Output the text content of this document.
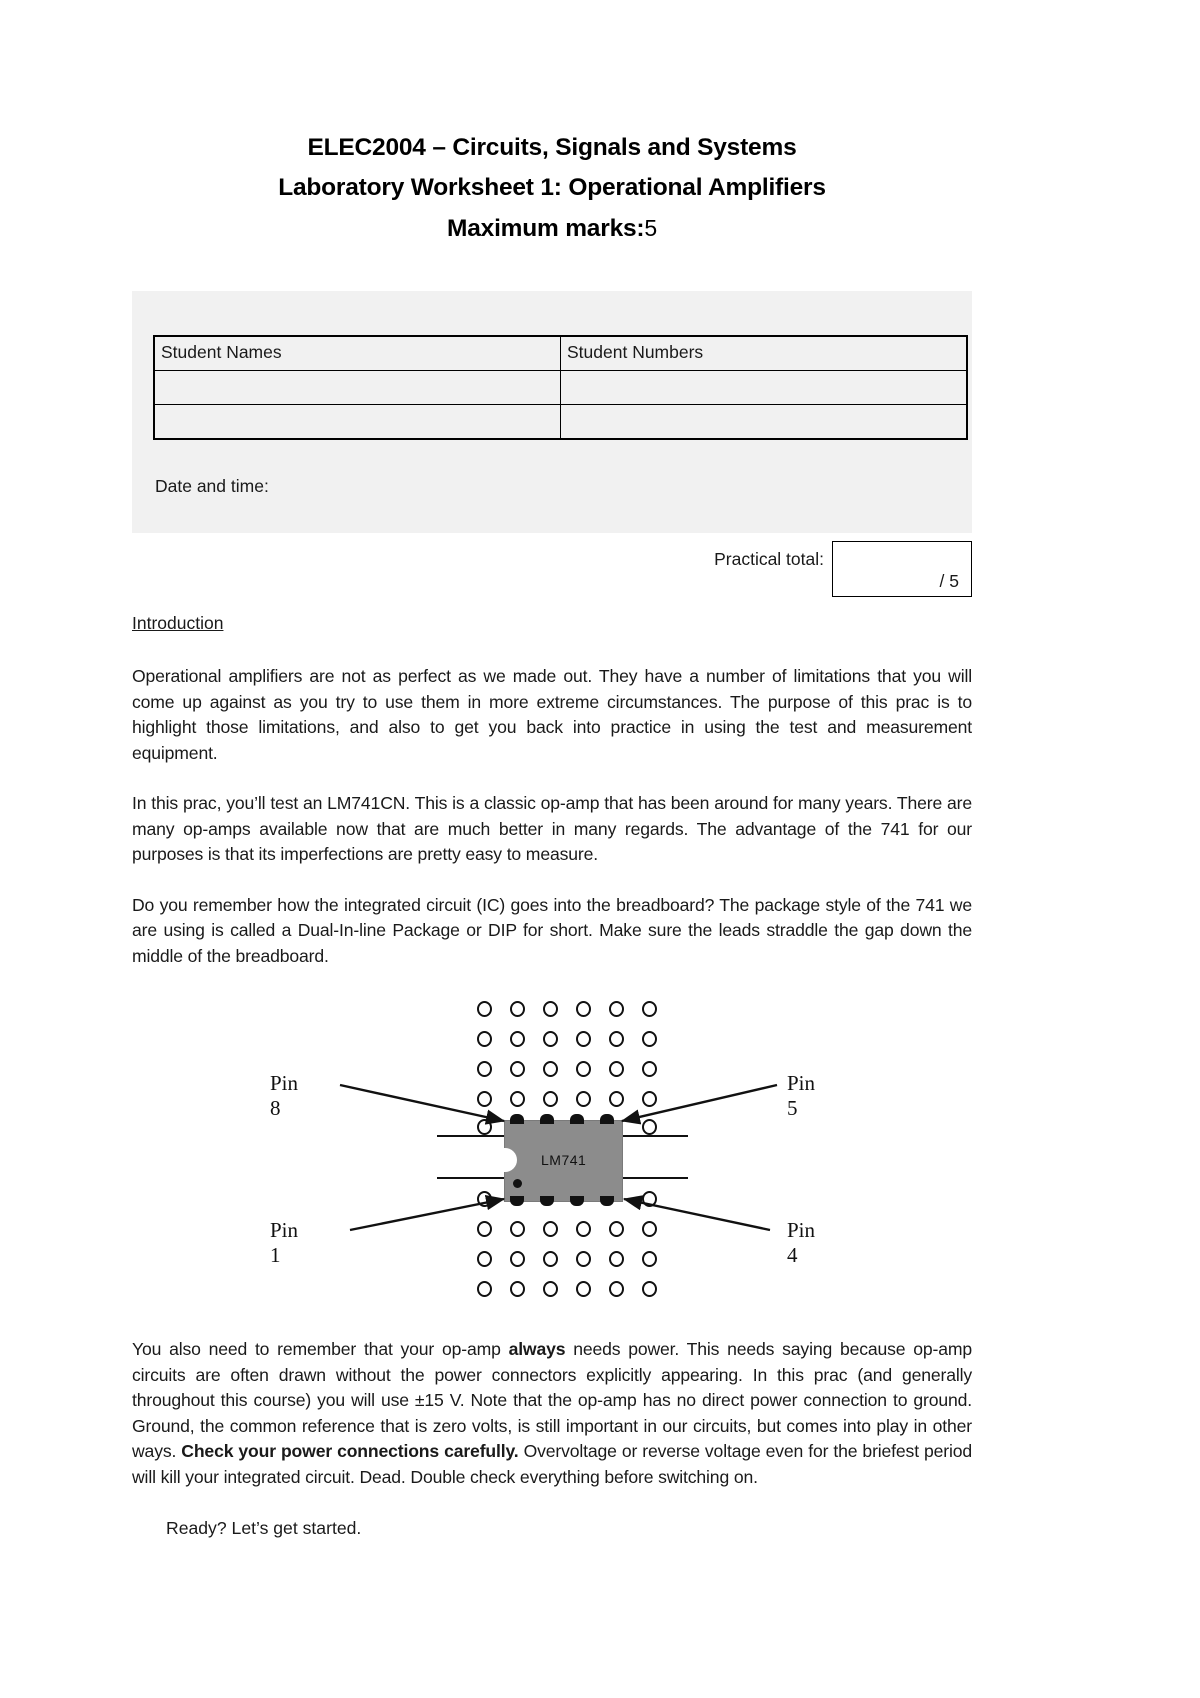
ELEC2004 – Circuits, Signals and Systems
Laboratory Worksheet 1: Operational Amplifiers
Maximum marks:5
Student Names	Student Numbers

Date and time:
Practical total:
/ 5
Introduction

Operational amplifiers are not as perfect as we made out. They have a number of limitations that you will come up against as you try to use them in more extreme circumstances. The purpose of this prac is to highlight those limitations, and also to get you back into practice in using the test and measurement equipment.

In this prac, you’ll test an LM741CN. This is a classic op-amp that has been around for many years. There are many op-amps available now that are much better in many regards. The advantage of the 741 for our purposes is that its imperfections are pretty easy to measure.

Do you remember how the integrated circuit (IC) goes into the breadboard? The package style of the 741 we are using is called a Dual-In-line Package or DIP for short. Make sure the leads straddle the gap down the middle of the breadboard.

LM741
Pin 8
Pin 5
Pin 1
Pin 4

You also need to remember that your op-amp always needs power. This needs saying because op-amp circuits are often drawn without the power connectors explicitly appearing. In this prac (and generally throughout this course) you will use ±15 V. Note that the op-amp has no direct power connection to ground. Ground, the common reference that is zero volts, is still important in our circuits, but comes into play in other ways. Check your power connections carefully. Overvoltage or reverse voltage even for the briefest period will kill your integrated circuit. Dead. Double check everything before switching on.

Ready? Let’s get started.
